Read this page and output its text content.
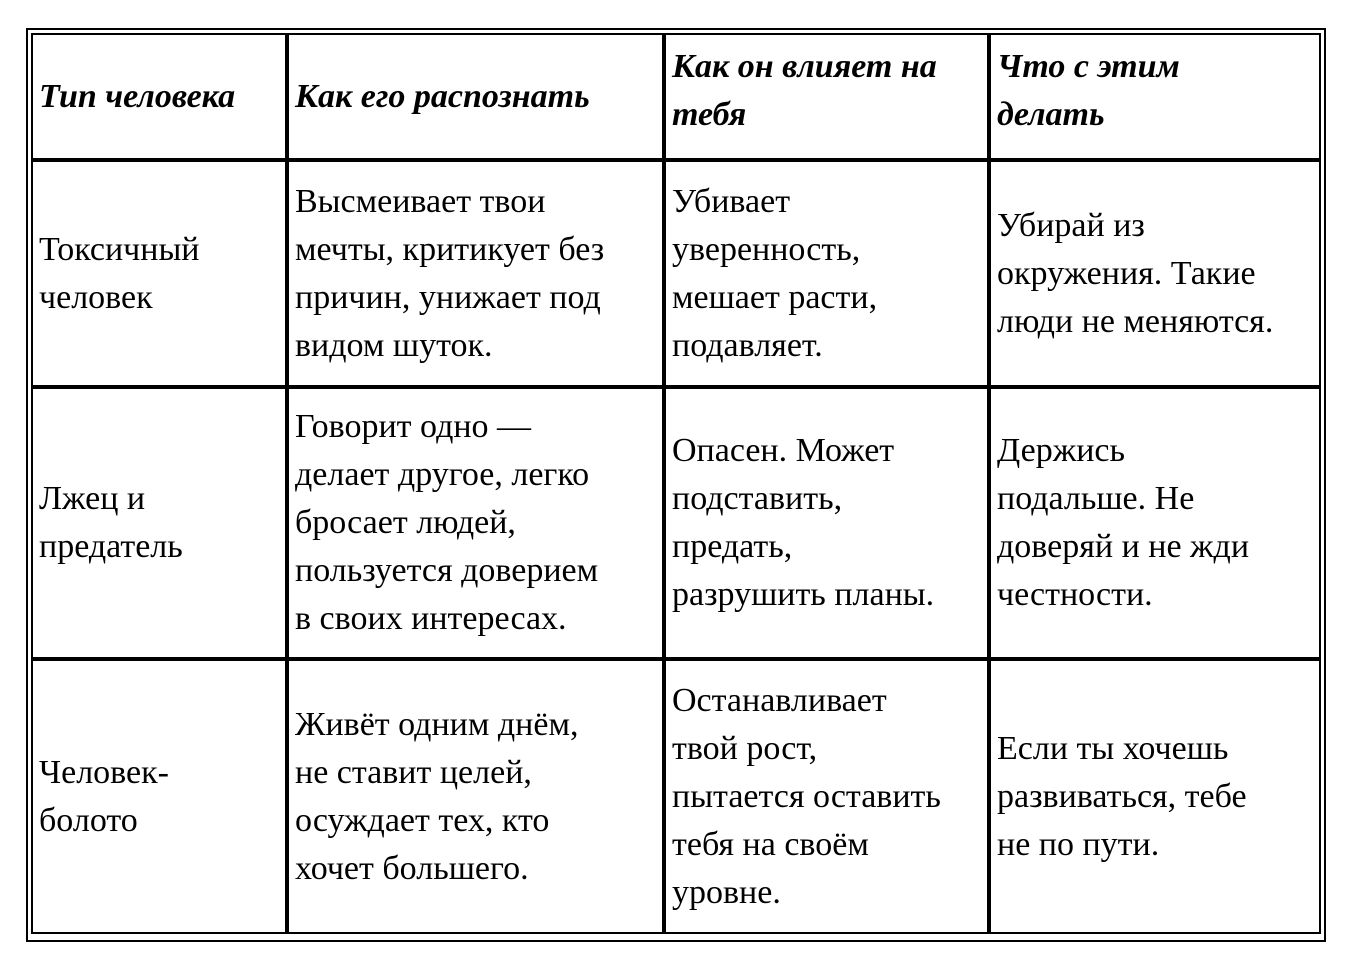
Тип человека Как его распознать
Как он влияет на
тебя
Что с этим
делать
Токсичный
человек
Высмеивает твои
мечты, критикует без
причин, унижает под
видом шуток.
Убивает
уверенность,
мешает расти,
подавляет.
Убирай из
окружения. Такие
люди не меняются.
Лжец и
предатель
Говорит одно —
делает другое, легко
бросает людей,
пользуется доверием
в своих интересах.
Опасен. Может
подставить,
предать,
разрушить планы.
Держись
подальше. Не
доверяй и не жди
честности.
Человек-
болото
Живёт одним днём,
не ставит целей,
осуждает тех, кто
хочет большего.
Останавливает
твой рост,
пытается оставить
тебя на своём
уровне.
Если ты хочешь
развиваться, тебе
не по пути.
